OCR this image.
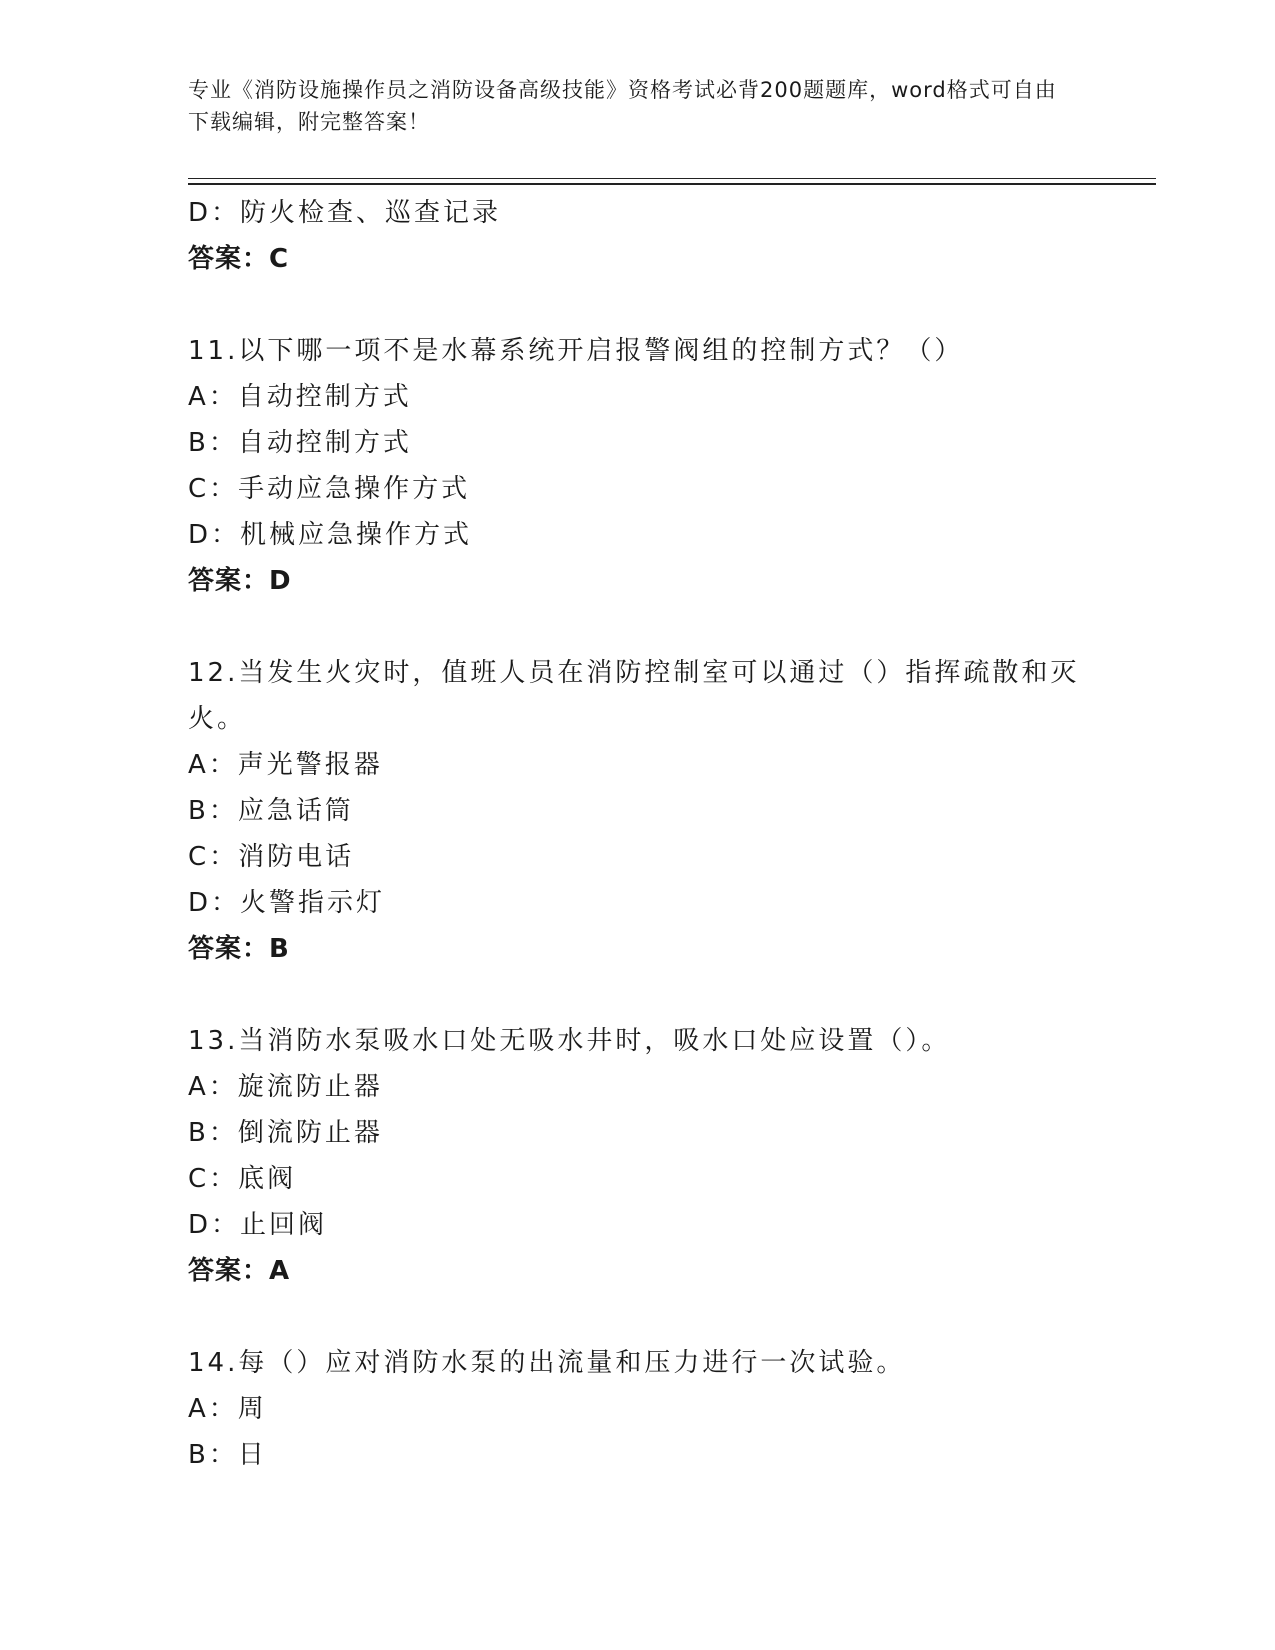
专业《消防设施操作员之消防设备高级技能》资格考试必背200题题库，word格式可自由下载编辑，附完整答案！
D：防火检查、巡查记录
答案：C
11.以下哪一项不是水幕系统开启报警阀组的控制方式？（）
A：自动控制方式
B：自动控制方式
C：手动应急操作方式
D：机械应急操作方式
答案：D
12.当发生火灾时，值班人员在消防控制室可以通过（）指挥疏散和灭火。
A：声光警报器
B：应急话筒
C：消防电话
D：火警指示灯
答案：B
13.当消防水泵吸水口处无吸水井时，吸水口处应设置（）。
A：旋流防止器
B：倒流防止器
C：底阀
D：止回阀
答案：A
14.每（）应对消防水泵的出流量和压力进行一次试验。
A：周
B：日
